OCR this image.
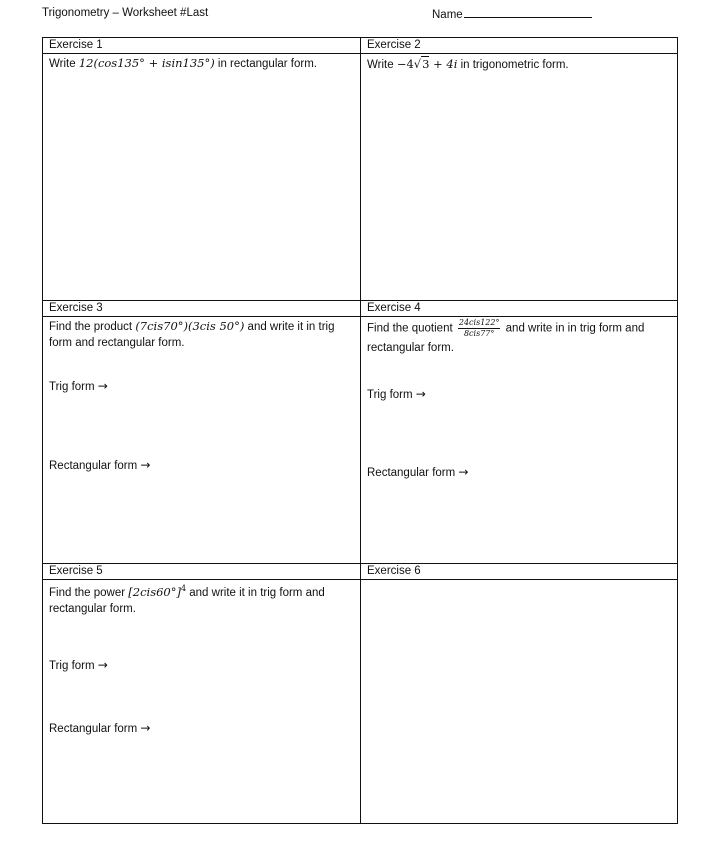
Trigonometry – Worksheet #Last	Name
Exercise 1
Write 12(cos135° + isin135°) in rectangular form.
Exercise 2
Write −4√3 + 4i in trigonometric form.
Exercise 3
Find the product (7cis70°)(3cis 50°) and write it in trig form and rectangular form.
Trig form →
Rectangular form →
Exercise 4
Find the quotient $\frac{\text{24cis122°}}{\text{8cis77°}}$ and write in in trig form and rectangular form.
Trig form →
Rectangular form →
Exercise 5
Find the power $[2cis60^\circ]^4$ and write it in trig form and rectangular form.
Trig form →
Rectangular form →
Exercise 6
